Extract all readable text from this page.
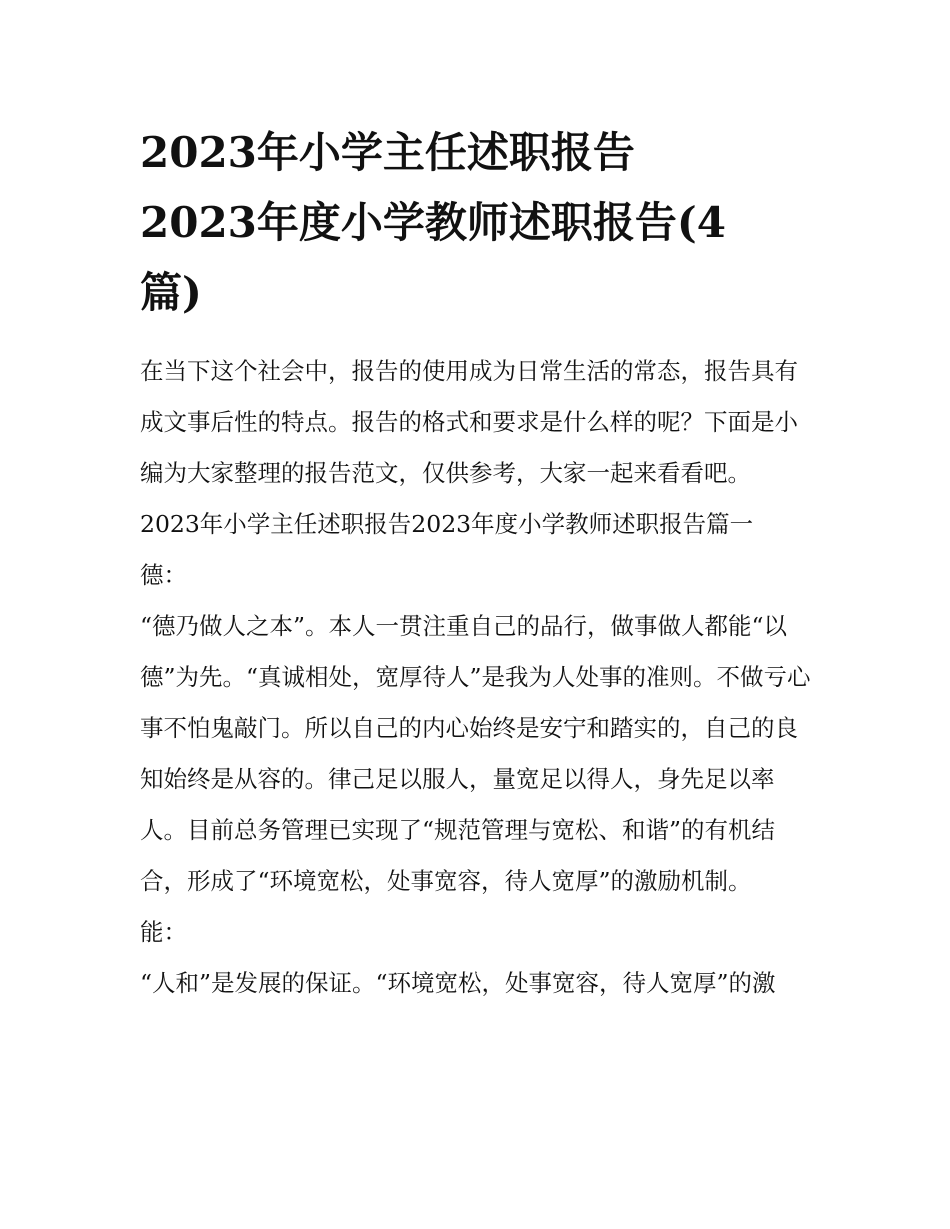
2023年小学主任述职报告
2023年度小学教师述职报告(4
篇)

在当下这个社会中，报告的使用成为日常生活的常态，报告具有成文事后性的特点。报告的格式和要求是什么样的呢？下面是小编为大家整理的报告范文，仅供参考，大家一起来看看吧。

2023年小学主任述职报告2023年度小学教师述职报告篇一

德：

“德乃做人之本”。本人一贯注重自己的品行，做事做人都能“以德”为先。“真诚相处，宽厚待人”是我为人处事的准则。不做亏心事不怕鬼敲门。所以自己的内心始终是安宁和踏实的，自己的良知始终是从容的。律己足以服人，量宽足以得人，身先足以率人。目前总务管理已实现了“规范管理与宽松、和谐”的有机结合，形成了“环境宽松，处事宽容，待人宽厚”的激励机制。

能：

“人和”是发展的保证。“环境宽松，处事宽容，待人宽厚”的激
